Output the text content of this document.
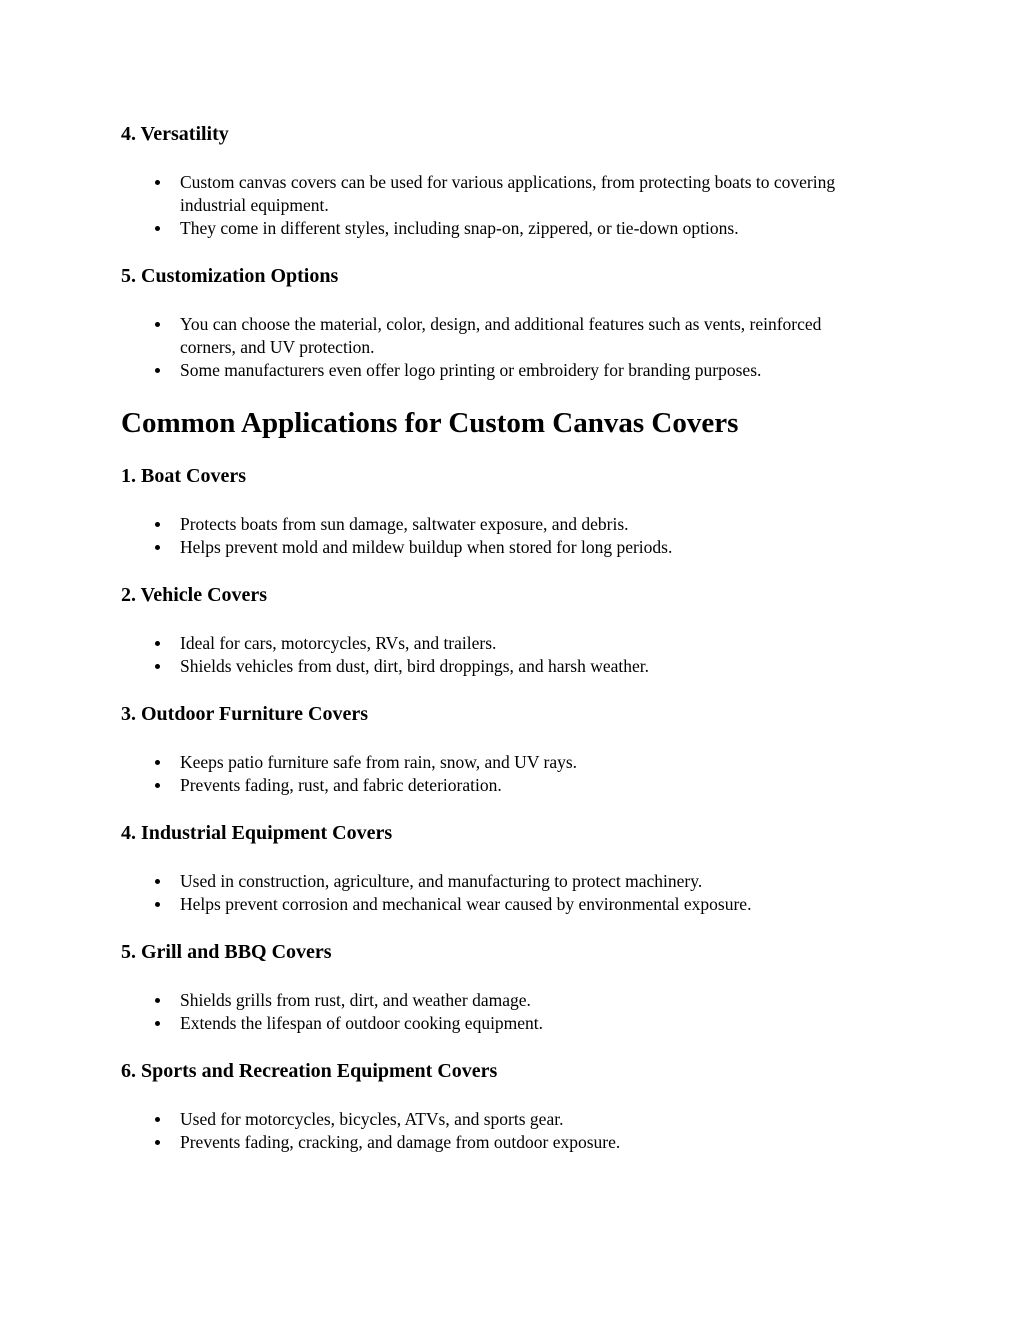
4. Versatility
Custom canvas covers can be used for various applications, from protecting boats to covering industrial equipment.
They come in different styles, including snap-on, zippered, or tie-down options.
5. Customization Options
You can choose the material, color, design, and additional features such as vents, reinforced corners, and UV protection.
Some manufacturers even offer logo printing or embroidery for branding purposes.
Common Applications for Custom Canvas Covers
1. Boat Covers
Protects boats from sun damage, saltwater exposure, and debris.
Helps prevent mold and mildew buildup when stored for long periods.
2. Vehicle Covers
Ideal for cars, motorcycles, RVs, and trailers.
Shields vehicles from dust, dirt, bird droppings, and harsh weather.
3. Outdoor Furniture Covers
Keeps patio furniture safe from rain, snow, and UV rays.
Prevents fading, rust, and fabric deterioration.
4. Industrial Equipment Covers
Used in construction, agriculture, and manufacturing to protect machinery.
Helps prevent corrosion and mechanical wear caused by environmental exposure.
5. Grill and BBQ Covers
Shields grills from rust, dirt, and weather damage.
Extends the lifespan of outdoor cooking equipment.
6. Sports and Recreation Equipment Covers
Used for motorcycles, bicycles, ATVs, and sports gear.
Prevents fading, cracking, and damage from outdoor exposure.
